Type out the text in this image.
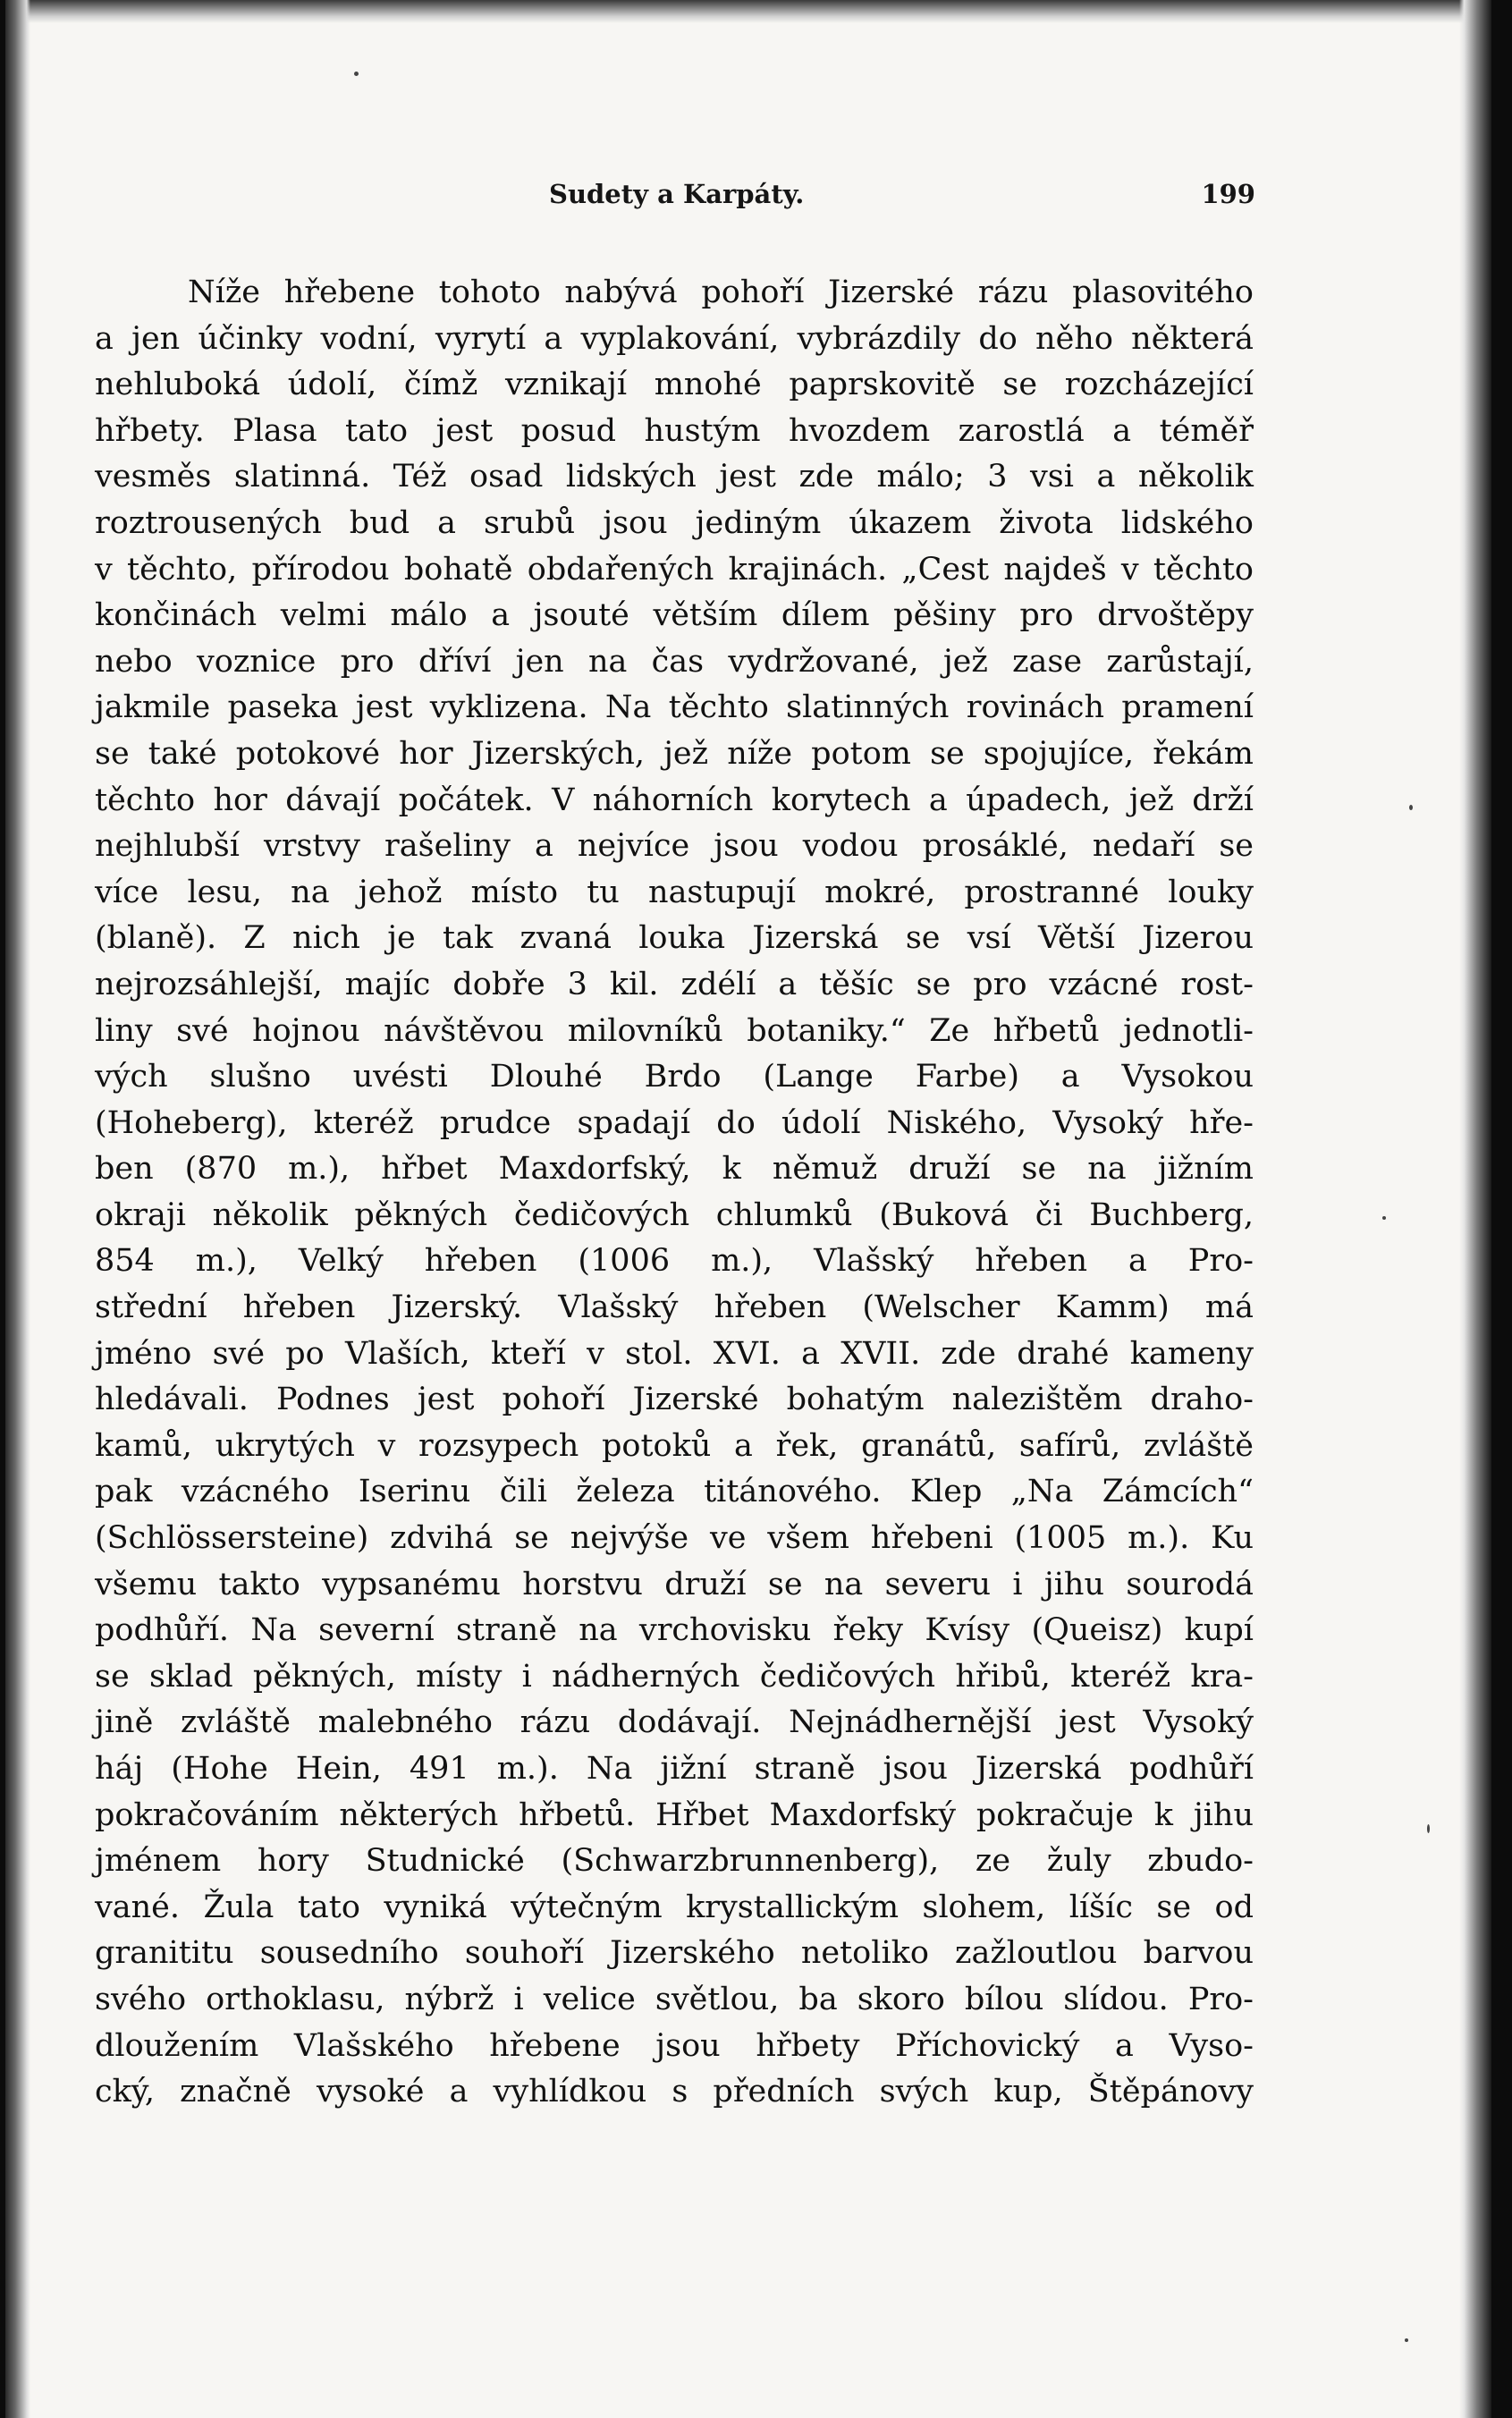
Sudety a Karpáty.	199
Níže hřebene tohoto nabývá pohoří Jizerské rázu plasovitého
a jen účinky vodní, vyrytí a vyplakování, vybrázdily do něho některá
nehluboká údolí, čímž vznikají mnohé paprskovitě se rozcházející
hřbety. Plasa tato jest posud hustým hvozdem zarostlá a téměř
vesměs slatinná. Též osad lidských jest zde málo; 3 vsi a několik
roztrousených bud a srubů jsou jediným úkazem života lidského
v těchto, přírodou bohatě obdařených krajinách. „Cest najdeš v těchto
končinách velmi málo a jsouté větším dílem pěšiny pro drvoštěpy
nebo voznice pro dříví jen na čas vydržované, jež zase zarůstají,
jakmile paseka jest vyklizena. Na těchto slatinných rovinách pramení
se také potokové hor Jizerských, jež níže potom se spojujíce, řekám
těchto hor dávají počátek. V náhorních korytech a úpadech, jež drží
nejhlubší vrstvy rašeliny a nejvíce jsou vodou prosáklé, nedaří se
více lesu, na jehož místo tu nastupují mokré, prostranné louky
(blaně). Z nich je tak zvaná louka Jizerská se vsí Větší Jizerou
nejrozsáhlejší, majíc dobře 3 kil. zdélí a těšíc se pro vzácné rost-
liny své hojnou návštěvou milovníků botaniky.“ Ze hřbetů jednotli-
vých slušno uvésti Dlouhé Brdo (Lange Farbe) a Vysokou
(Hoheberg), kteréž prudce spadají do údolí Niského, Vysoký hře-
ben (870 m.), hřbet Maxdorfský, k němuž druží se na jižním
okraji několik pěkných čedičových chlumků (Buková či Buchberg,
854 m.), Velký hřeben (1006 m.), Vlašský hřeben a Pro-
střední hřeben Jizerský. Vlašský hřeben (Welscher Kamm) má
jméno své po Vlaších, kteří v stol. XVI. a XVII. zde drahé kameny
hledávali. Podnes jest pohoří Jizerské bohatým nalezištěm draho-
kamů, ukrytých v rozsypech potoků a řek, granátů, safírů, zvláště
pak vzácného Iserinu čili železa titánového. Klep „Na Zámcích“
(Schlössersteine) zdvihá se nejvýše ve všem hřebeni (1005 m.). Ku
všemu takto vypsanému horstvu druží se na severu i jihu sourodá
podhůří. Na severní straně na vrchovisku řeky Kvísy (Queisz) kupí
se sklad pěkných, místy i nádherných čedičových hřibů, kteréž kra-
jině zvláště malebného rázu dodávají. Nejnádhernější jest Vysoký
háj (Hohe Hein, 491 m.). Na jižní straně jsou Jizerská podhůří
pokračováním některých hřbetů. Hřbet Maxdorfský pokračuje k jihu
jménem hory Studnické (Schwarzbrunnenberg), ze žuly zbudo-
vané. Žula tato vyniká výtečným krystallickým slohem, líšíc se od
granititu sousedního souhoří Jizerského netoliko zažloutlou barvou
svého orthoklasu, nýbrž i velice světlou, ba skoro bílou slídou. Pro-
dloužením Vlašského hřebene jsou hřbety Příchovický a Vyso-
cký, značně vysoké a vyhlídkou s předních svých kup, Štěpánovy
